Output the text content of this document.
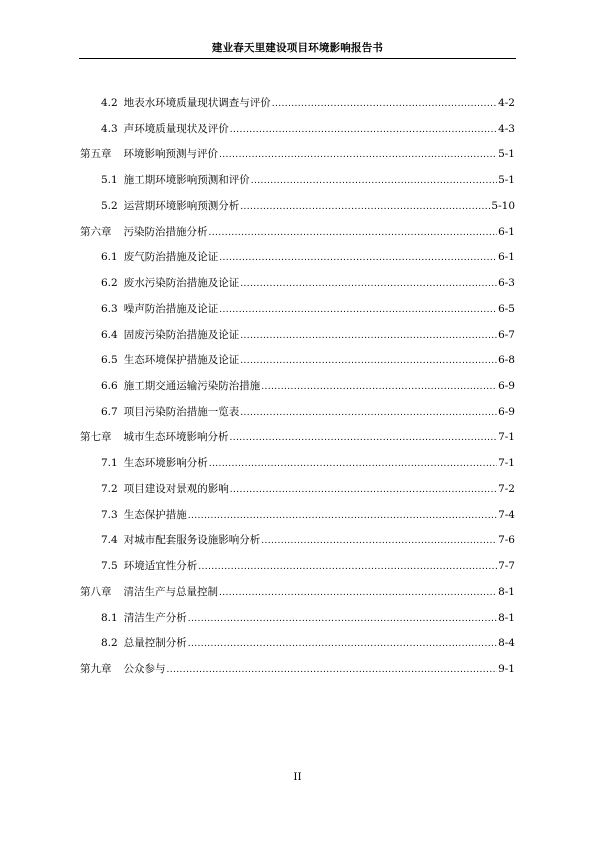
建业春天里建设项目环境影响报告书
4.2 地表水环境质量现状调查与评价 .....	4-2
4.3 声环境质量现状及评价 .....	4-3
第五章 环境影响预测与评价 .....	5-1
5.1 施工期环境影响预测和评价 .....	5-1
5.2 运营期环境影响预测分析 .....	5-10
第六章 污染防治措施分析 .....	6-1
6.1 废气防治措施及论证 .....	6-1
6.2 废水污染防治措施及论证 .....	6-3
6.3 噪声防治措施及论证 .....	6-5
6.4 固废污染防治措施及论证 .....	6-7
6.5 生态环境保护措施及论证 .....	6-8
6.6 施工期交通运输污染防治措施 .....	6-9
6.7 项目污染防治措施一览表 .....	6-9
第七章 城市生态环境影响分析 .....	7-1
7.1 生态环境影响分析 .....	7-1
7.2 项目建设对景观的影响 .....	7-2
7.3 生态保护措施 .....	7-4
7.4 对城市配套服务设施影响分析 .....	7-6
7.5 环境适宜性分析 .....	7-7
第八章 清洁生产与总量控制 .....	8-1
8.1 清洁生产分析 .....	8-1
8.2 总量控制分析 .....	8-4
第九章 公众参与 .....	9-1
II
